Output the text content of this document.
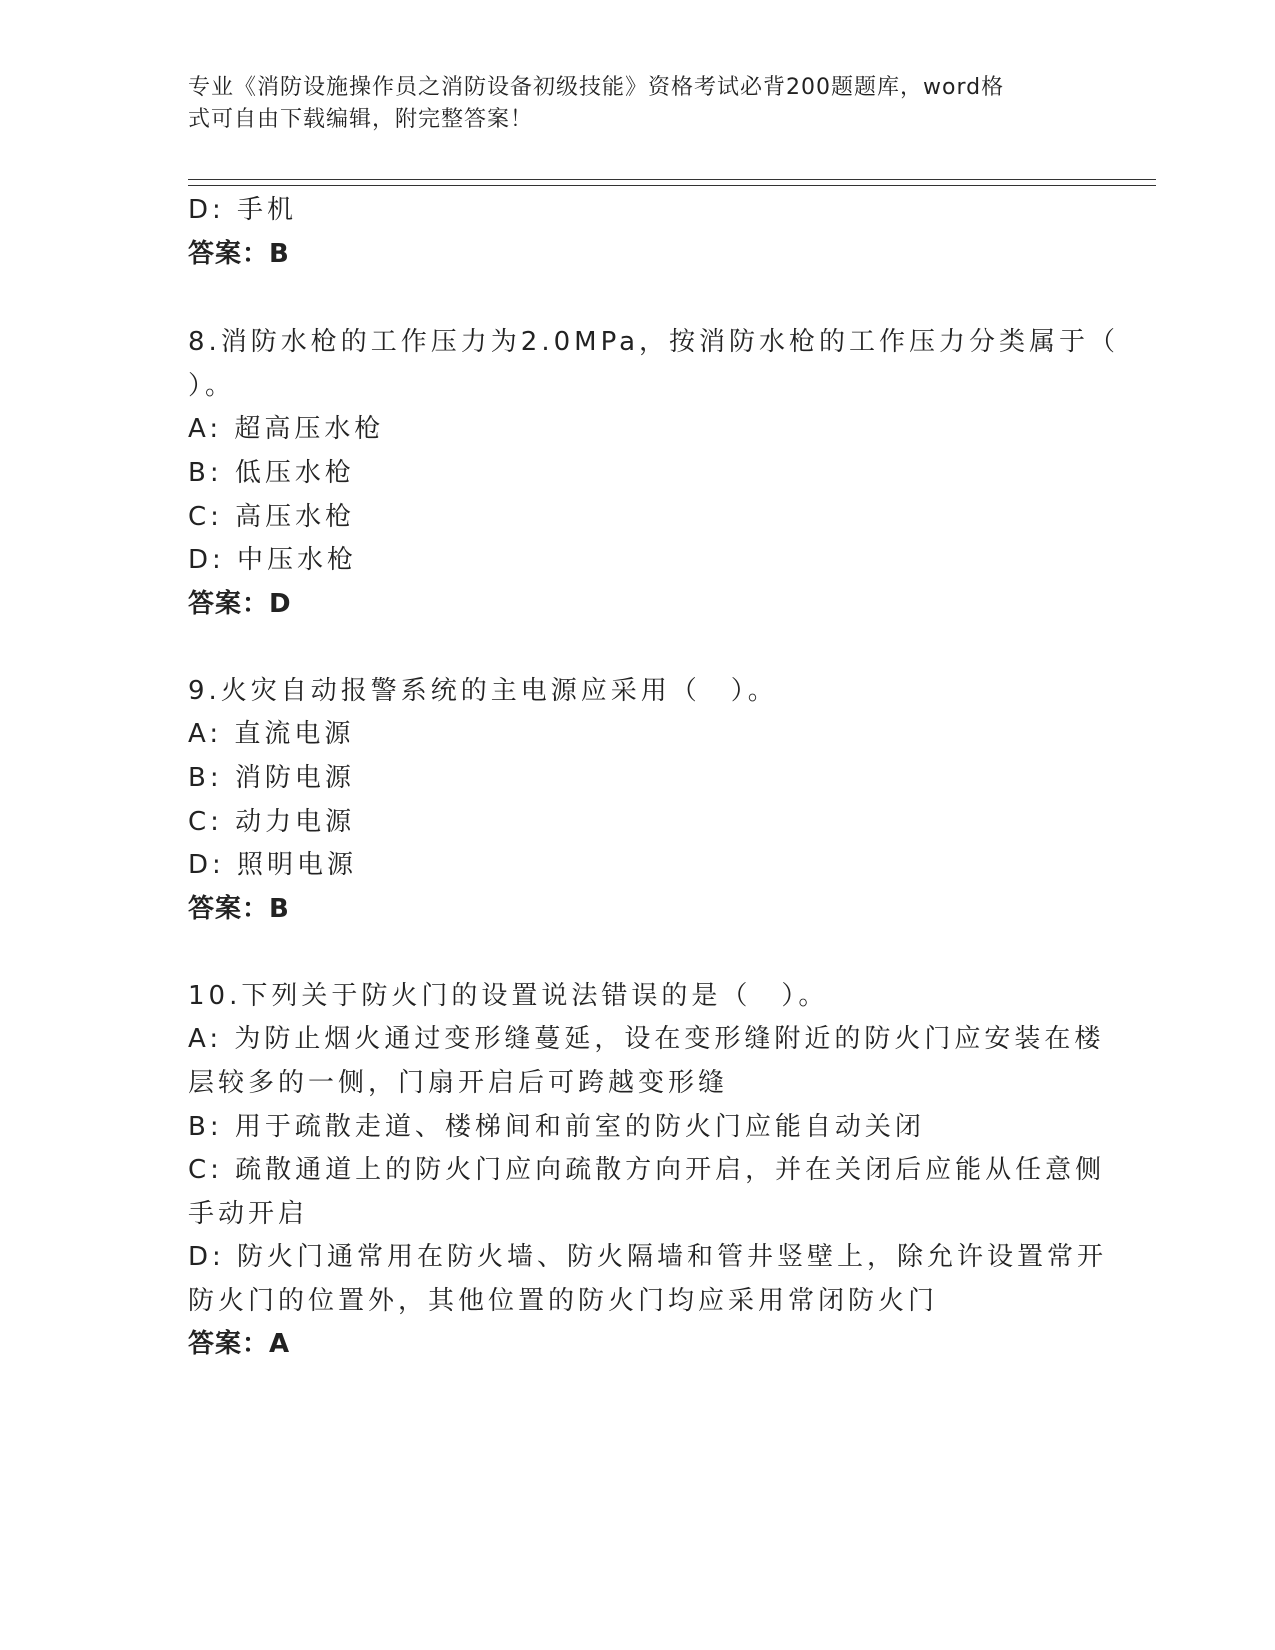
专业《消防设施操作员之消防设备初级技能》资格考试必背200题题库，word格
式可自由下载编辑，附完整答案！
D: 手机
答案：B
8.消防水枪的工作压力为2.0MPa，按消防水枪的工作压力分类属于（
）。
A: 超高压水枪
B: 低压水枪
C: 高压水枪
D: 中压水枪
答案：D
9.火灾自动报警系统的主电源应采用（　）。
A: 直流电源
B: 消防电源
C: 动力电源
D: 照明电源
答案：B
10.下列关于防火门的设置说法错误的是（　）。
A: 为防止烟火通过变形缝蔓延，设在变形缝附近的防火门应安装在楼
层较多的一侧，门扇开启后可跨越变形缝
B: 用于疏散走道、楼梯间和前室的防火门应能自动关闭
C: 疏散通道上的防火门应向疏散方向开启，并在关闭后应能从任意侧
手动开启
D: 防火门通常用在防火墙、防火隔墙和管井竖壁上，除允许设置常开
防火门的位置外，其他位置的防火门均应采用常闭防火门
答案：A
